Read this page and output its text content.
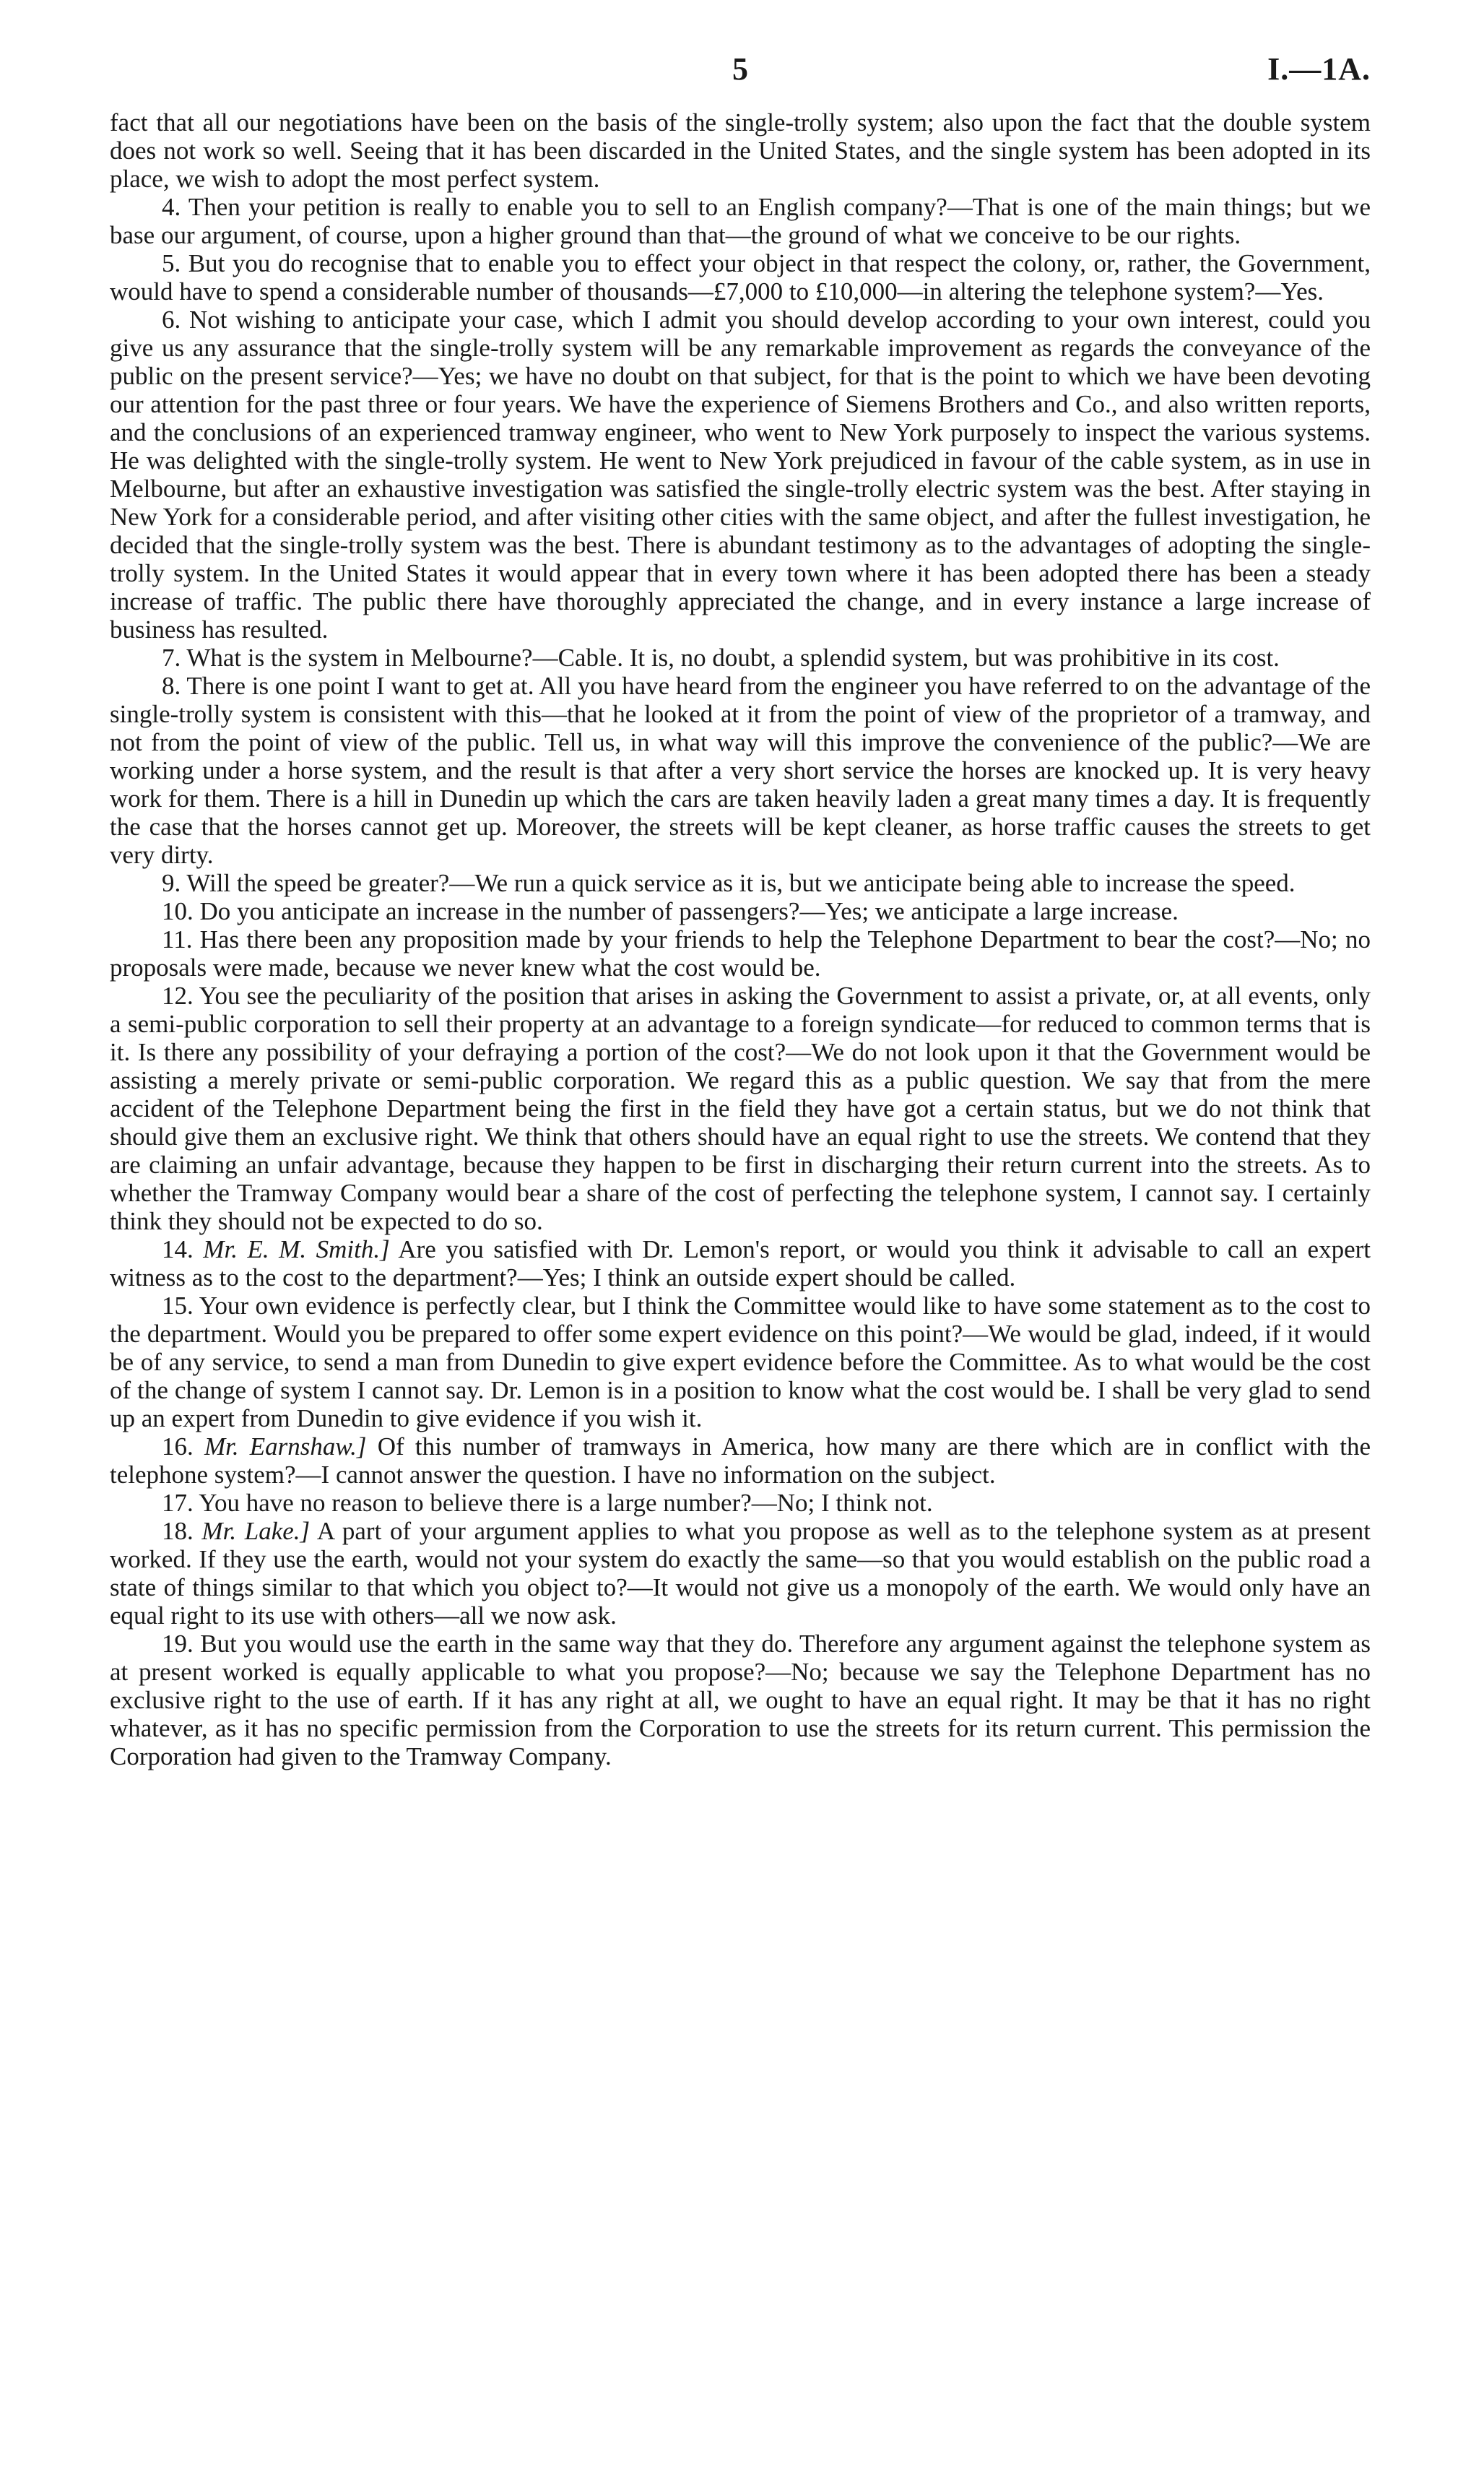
5	I.—1A.

fact that all our negotiations have been on the basis of the single-trolly system; also upon the fact that the double system does not work so well. Seeing that it has been discarded in the United States, and the single system has been adopted in its place, we wish to adopt the most perfect system.

4. Then your petition is really to enable you to sell to an English company?—That is one of the main things; but we base our argument, of course, upon a higher ground than that—the ground of what we conceive to be our rights.

5. But you do recognise that to enable you to effect your object in that respect the colony, or, rather, the Government, would have to spend a considerable number of thousands—£7,000 to £10,000—in altering the telephone system?—Yes.

6. Not wishing to anticipate your case, which I admit you should develop according to your own interest, could you give us any assurance that the single-trolly system will be any remarkable improvement as regards the conveyance of the public on the present service?—Yes; we have no doubt on that subject, for that is the point to which we have been devoting our attention for the past three or four years. We have the experience of Siemens Brothers and Co., and also written reports, and the conclusions of an experienced tramway engineer, who went to New York purposely to inspect the various systems. He was delighted with the single-trolly system. He went to New York prejudiced in favour of the cable system, as in use in Melbourne, but after an exhaustive investigation was satisfied the single-trolly electric system was the best. After staying in New York for a considerable period, and after visiting other cities with the same object, and after the fullest investigation, he decided that the single-trolly system was the best. There is abundant testimony as to the advantages of adopting the single-trolly system. In the United States it would appear that in every town where it has been adopted there has been a steady increase of traffic. The public there have thoroughly appreciated the change, and in every instance a large increase of business has resulted.

7. What is the system in Melbourne?—Cable. It is, no doubt, a splendid system, but was prohibitive in its cost.

8. There is one point I want to get at. All you have heard from the engineer you have referred to on the advantage of the single-trolly system is consistent with this—that he looked at it from the point of view of the proprietor of a tramway, and not from the point of view of the public. Tell us, in what way will this improve the convenience of the public?—We are working under a horse system, and the result is that after a very short service the horses are knocked up. It is very heavy work for them. There is a hill in Dunedin up which the cars are taken heavily laden a great many times a day. It is frequently the case that the horses cannot get up. Moreover, the streets will be kept cleaner, as horse traffic causes the streets to get very dirty.

9. Will the speed be greater?—We run a quick service as it is, but we anticipate being able to increase the speed.

10. Do you anticipate an increase in the number of passengers?—Yes; we anticipate a large increase.

11. Has there been any proposition made by your friends to help the Telephone Department to bear the cost?—No; no proposals were made, because we never knew what the cost would be.

12. You see the peculiarity of the position that arises in asking the Government to assist a private, or, at all events, only a semi-public corporation to sell their property at an advantage to a foreign syndicate—for reduced to common terms that is it. Is there any possibility of your defraying a portion of the cost?—We do not look upon it that the Government would be assisting a merely private or semi-public corporation. We regard this as a public question. We say that from the mere accident of the Telephone Department being the first in the field they have got a certain status, but we do not think that should give them an exclusive right. We think that others should have an equal right to use the streets. We contend that they are claiming an unfair advantage, because they happen to be first in discharging their return current into the streets. As to whether the Tramway Company would bear a share of the cost of perfecting the telephone system, I cannot say. I certainly think they should not be expected to do so.

14. Mr. E. M. Smith.] Are you satisfied with Dr. Lemon's report, or would you think it advisable to call an expert witness as to the cost to the department?—Yes; I think an outside expert should be called.

15. Your own evidence is perfectly clear, but I think the Committee would like to have some statement as to the cost to the department. Would you be prepared to offer some expert evidence on this point?—We would be glad, indeed, if it would be of any service, to send a man from Dunedin to give expert evidence before the Committee. As to what would be the cost of the change of system I cannot say. Dr. Lemon is in a position to know what the cost would be. I shall be very glad to send up an expert from Dunedin to give evidence if you wish it.

16. Mr. Earnshaw.] Of this number of tramways in America, how many are there which are in conflict with the telephone system?—I cannot answer the question. I have no information on the subject.

17. You have no reason to believe there is a large number?—No; I think not.

18. Mr. Lake.] A part of your argument applies to what you propose as well as to the telephone system as at present worked. If they use the earth, would not your system do exactly the same—so that you would establish on the public road a state of things similar to that which you object to?—It would not give us a monopoly of the earth. We would only have an equal right to its use with others—all we now ask.

19. But you would use the earth in the same way that they do. Therefore any argument against the telephone system as at present worked is equally applicable to what you propose?—No; because we say the Telephone Department has no exclusive right to the use of earth. If it has any right at all, we ought to have an equal right. It may be that it has no right whatever, as it has no specific permission from the Corporation to use the streets for its return current. This permission the Corporation had given to the Tramway Company.
